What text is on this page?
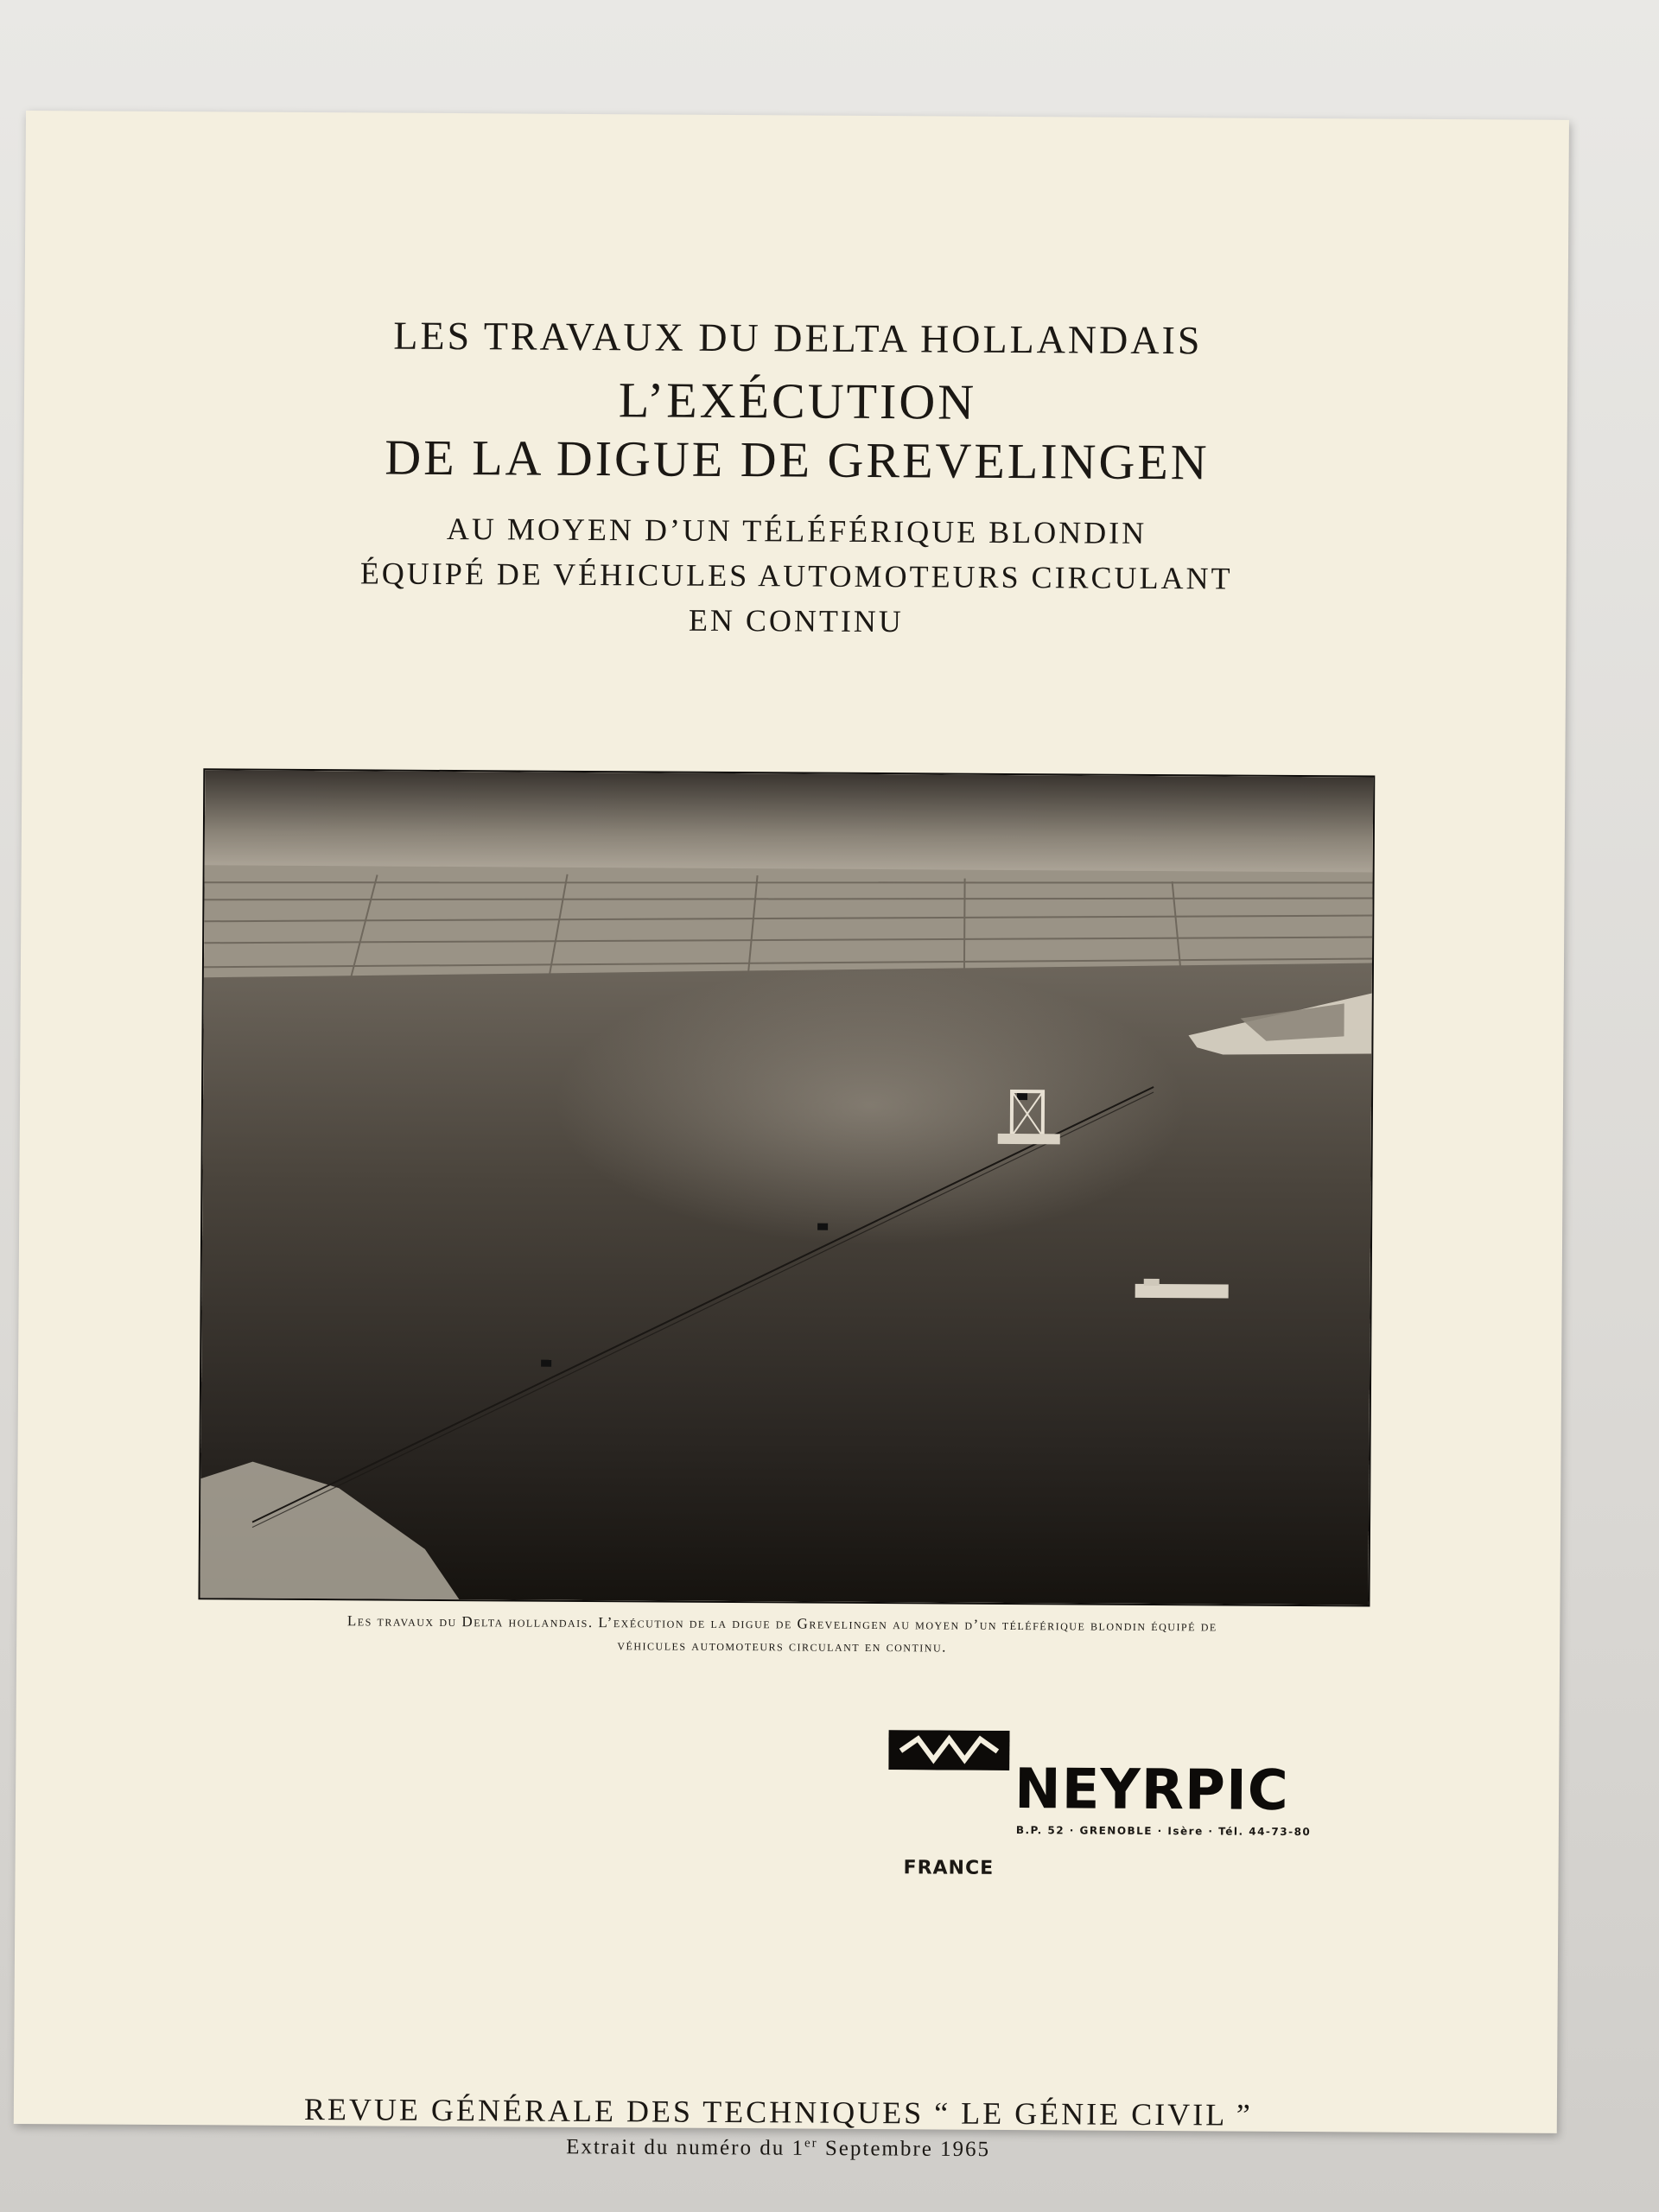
LES TRAVAUX DU DELTA HOLLANDAIS

L’EXÉCUTION

DE LA DIGUE DE GREVELINGEN

AU MOYEN D’UN TÉLÉFÉRIQUE BLONDIN
ÉQUIPÉ DE VÉHICULES AUTOMOTEURS CIRCULANT
EN CONTINU

Les travaux du Delta hollandais. L’exécution de la digue de Grevelingen au moyen d’un téléférique blondin équipé de
véhicules automoteurs circulant en continu.
NEYRPIC
B.P. 52 · GRENOBLE · Isère · Tél. 44-73-80
FRANCE

REVUE GÉNÉRALE DES TECHNIQUES “ LE GÉNIE CIVIL ”

Extrait du numéro du 1er Septembre 1965
